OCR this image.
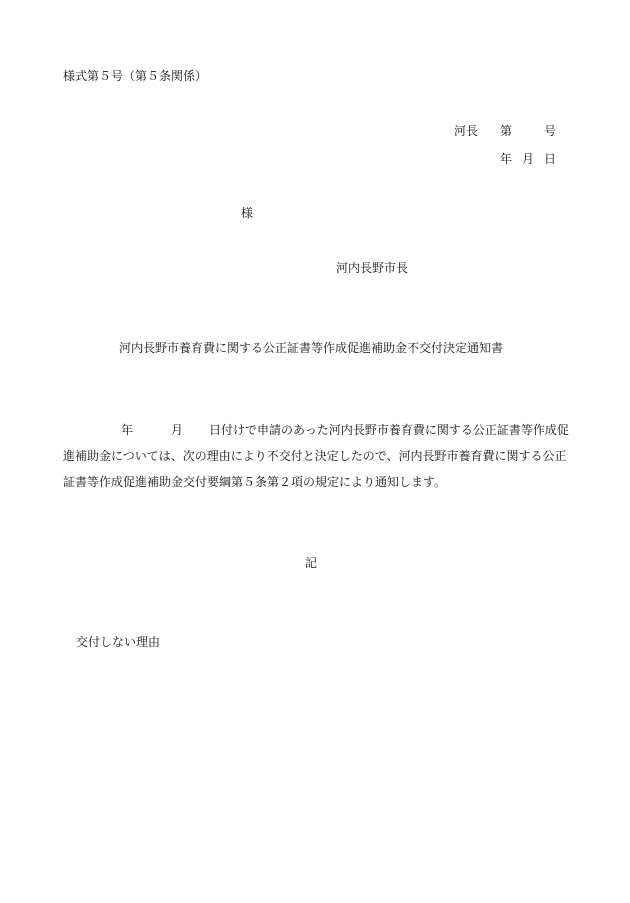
様式第５号（第５条関係）
河長 第	号
年 月 日
様
河内長野市長
河内長野市養育費に関する公正証書等作成促進補助金不交付決定通知書
年	月 日付けで申請のあった河内長野市養育費に関する公正証書等作成促
進補助金については、次の理由により不交付と決定したので、河内長野市養育費に関する公正
証書等作成促進補助金交付要綱第５条第２項の規定により通知します。
記
交付しない理由
